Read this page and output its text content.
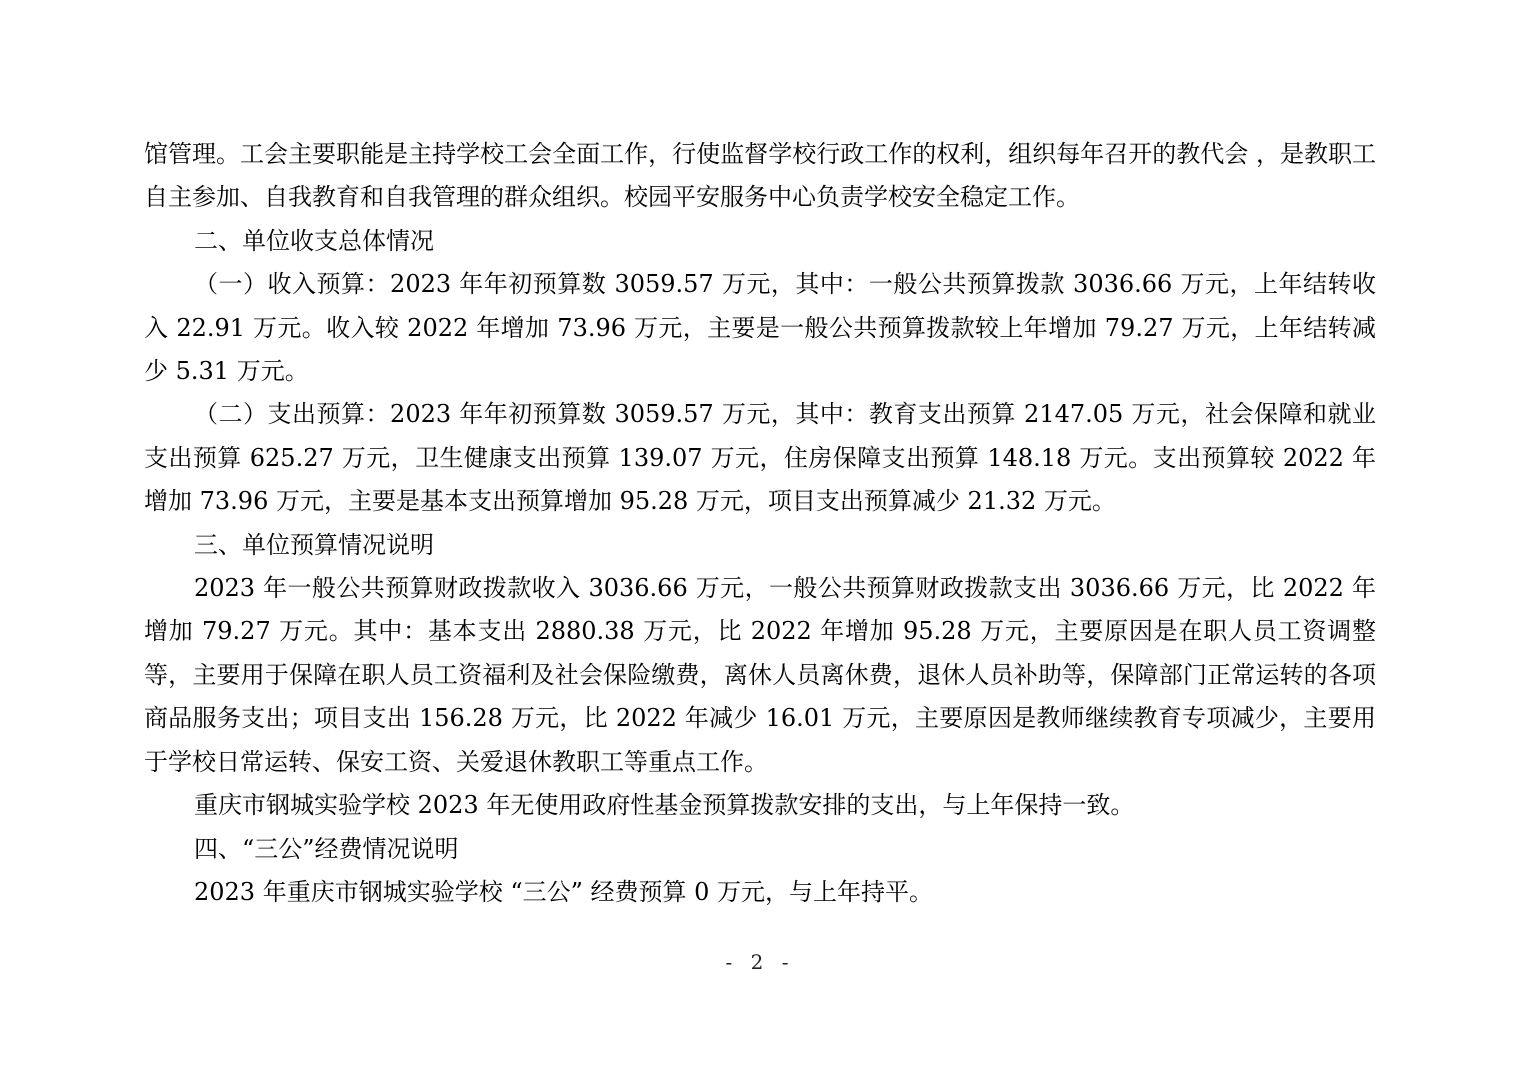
馆管理。工会主要职能是主持学校工会全面工作，行使监督学校行政工作的权利，组织每年召开的教代会 ，是教职工自主参加、自我教育和自我管理的群众组织。校园平安服务中心负责学校安全稳定工作。

二、单位收支总体情况

（一）收入预算：2023 年年初预算数 3059.57 万元，其中：一般公共预算拨款 3036.66 万元，上年结转收入 22.91 万元。收入较 2022 年增加 73.96 万元，主要是一般公共预算拨款较上年增加 79.27 万元，上年结转减少 5.31 万元。

（二）支出预算：2023 年年初预算数 3059.57 万元，其中：教育支出预算 2147.05 万元，社会保障和就业支出预算 625.27 万元，卫生健康支出预算 139.07 万元，住房保障支出预算 148.18 万元。支出预算较 2022 年增加 73.96 万元，主要是基本支出预算增加 95.28 万元，项目支出预算减少 21.32 万元。

三、单位预算情况说明

2023 年一般公共预算财政拨款收入 3036.66 万元，一般公共预算财政拨款支出 3036.66 万元，比 2022 年增加 79.27 万元。其中：基本支出 2880.38 万元，比 2022 年增加 95.28 万元，主要原因是在职人员工资调整等，主要用于保障在职人员工资福利及社会保险缴费，离休人员离休费，退休人员补助等，保障部门正常运转的各项商品服务支出；项目支出 156.28 万元，比 2022 年减少 16.01 万元，主要原因是教师继续教育专项减少，主要用于学校日常运转、保安工资、关爱退休教职工等重点工作。

重庆市钢城实验学校 2023 年无使用政府性基金预算拨款安排的支出，与上年保持一致。

四、“三公”经费情况说明

2023 年重庆市钢城实验学校 “三公” 经费预算 0 万元，与上年持平。

- 2 -
